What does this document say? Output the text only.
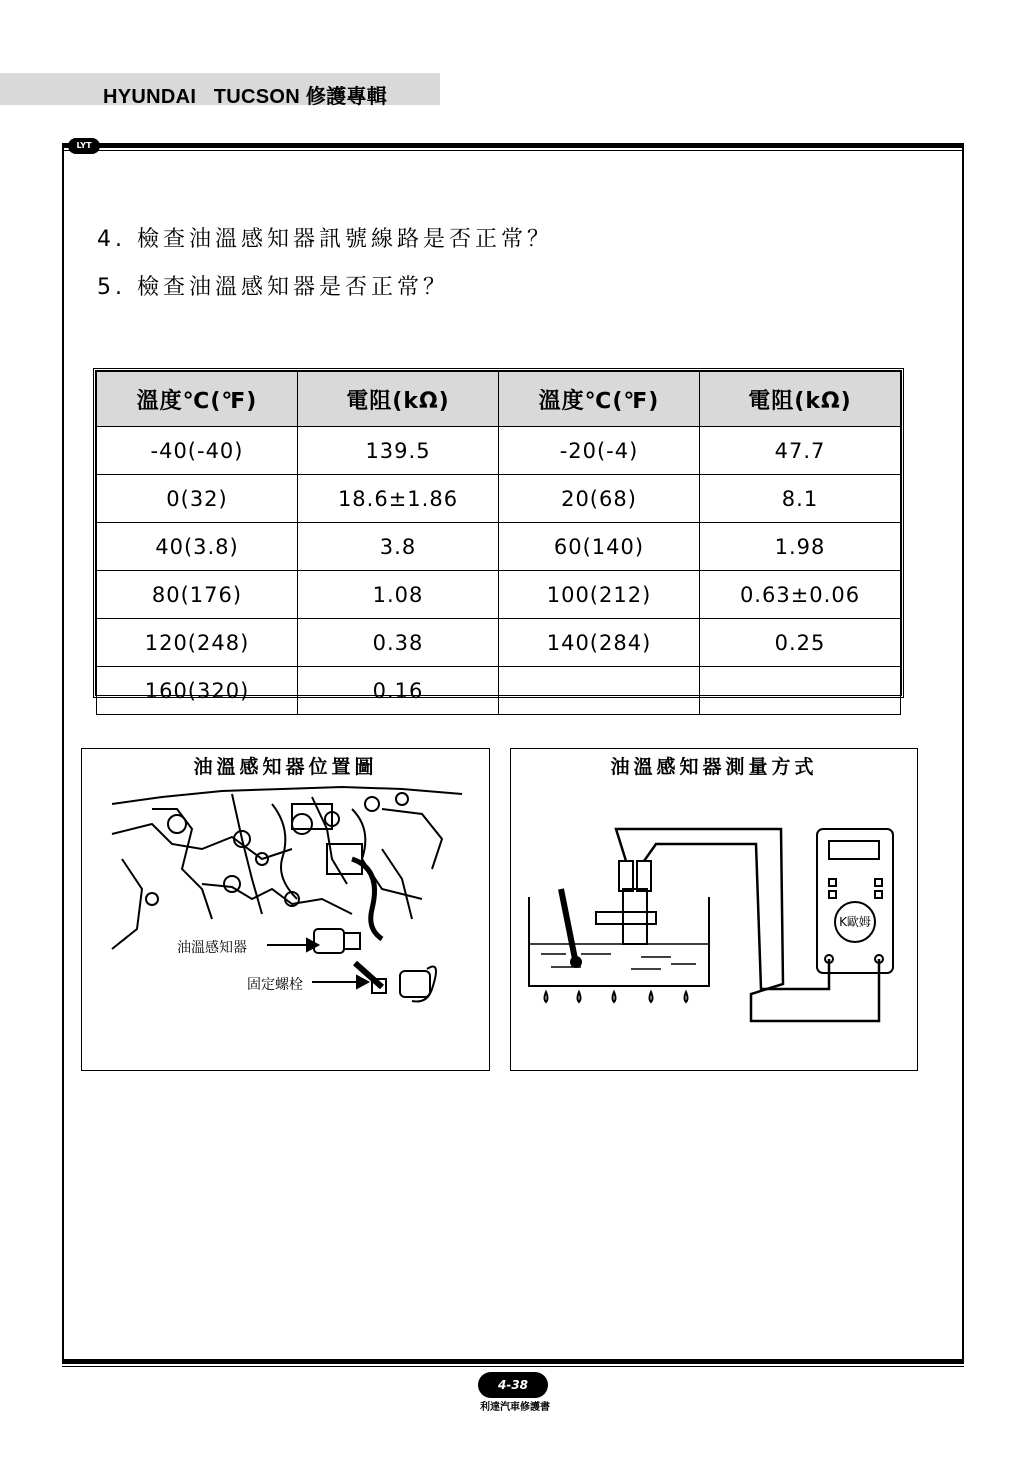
HYUNDAI   TUCSON 修護專輯
LYT
4. 檢查油溫感知器訊號線路是否正常？
5. 檢查油溫感知器是否正常？
溫度℃(℉)	電阻(kΩ)	溫度℃(℉)	電阻(kΩ)
-40(-40)	139.5	-20(-4)	47.7
0(32)	18.6±1.86	20(68)	8.1
40(3.8)	3.8	60(140)	1.98
80(176)	1.08	100(212)	0.63±0.06
120(248)	0.38	140(284)	0.25
160(320)	0.16		
油溫感知器位置圖
油溫感知器
固定螺栓
油溫感知器測量方式
K歐姆
4-38
利達汽車修護書
